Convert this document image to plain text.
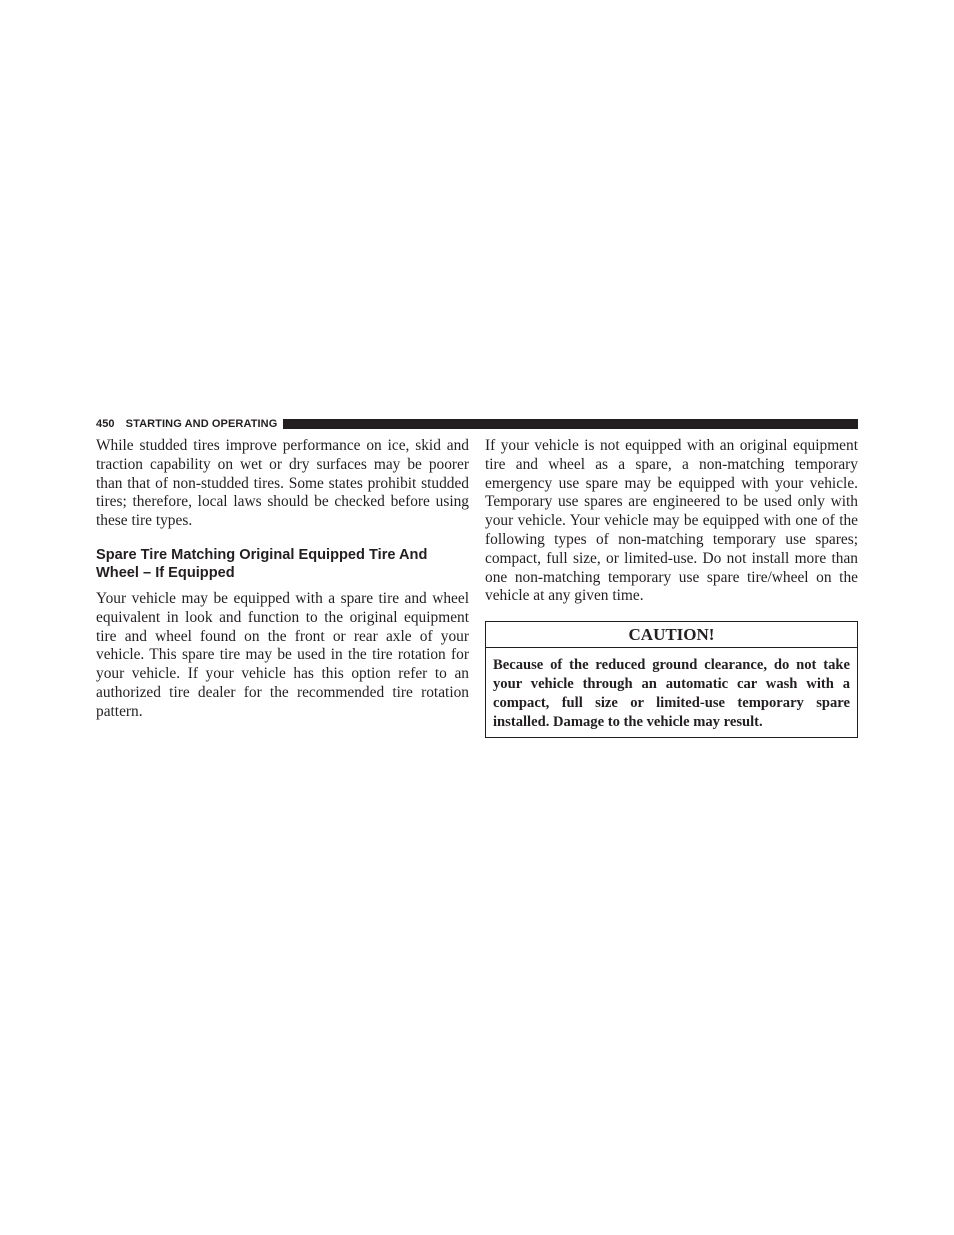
450 STARTING AND OPERATING

While studded tires improve performance on ice, skid and traction capability on wet or dry surfaces may be poorer than that of non-studded tires. Some states prohibit studded tires; therefore, local laws should be checked before using these tire types.

Spare Tire Matching Original Equipped Tire And Wheel – If Equipped

Your vehicle may be equipped with a spare tire and wheel equivalent in look and function to the original equipment tire and wheel found on the front or rear axle of your vehicle. This spare tire may be used in the tire rotation for your vehicle. If your vehicle has this option refer to an authorized tire dealer for the recommended tire rotation pattern.

If your vehicle is not equipped with an original equipment tire and wheel as a spare, a non-matching temporary emergency use spare may be equipped with your vehicle. Temporary use spares are engineered to be used only with your vehicle. Your vehicle may be equipped with one of the following types of non-matching temporary use spares; compact, full size, or limited-use. Do not install more than one non-matching temporary use spare tire/wheel on the vehicle at any given time.

CAUTION!

Because of the reduced ground clearance, do not take your vehicle through an automatic car wash with a compact, full size or limited-use temporary spare installed. Damage to the vehicle may result.
